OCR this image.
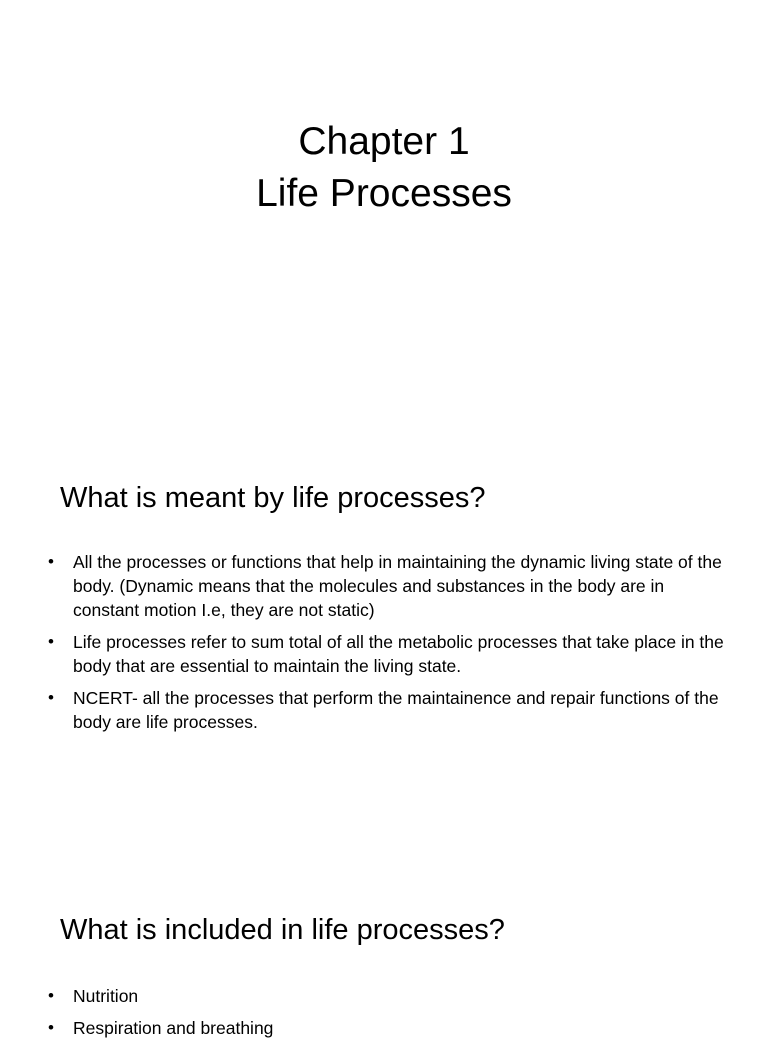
Chapter 1
Life Processes
What is meant by life processes?
•	All the processes or functions that help in maintaining the dynamic living state of the body. (Dynamic means that the molecules and substances in the body are in constant motion I.e, they are not static)
•	Life processes refer to sum total of all the metabolic processes that take place in the body that are essential to maintain the living state.
•	NCERT- all the processes that perform the maintainence and repair functions of the body are life processes.
What is included in life processes?
•	Nutrition
•	Respiration and breathing
